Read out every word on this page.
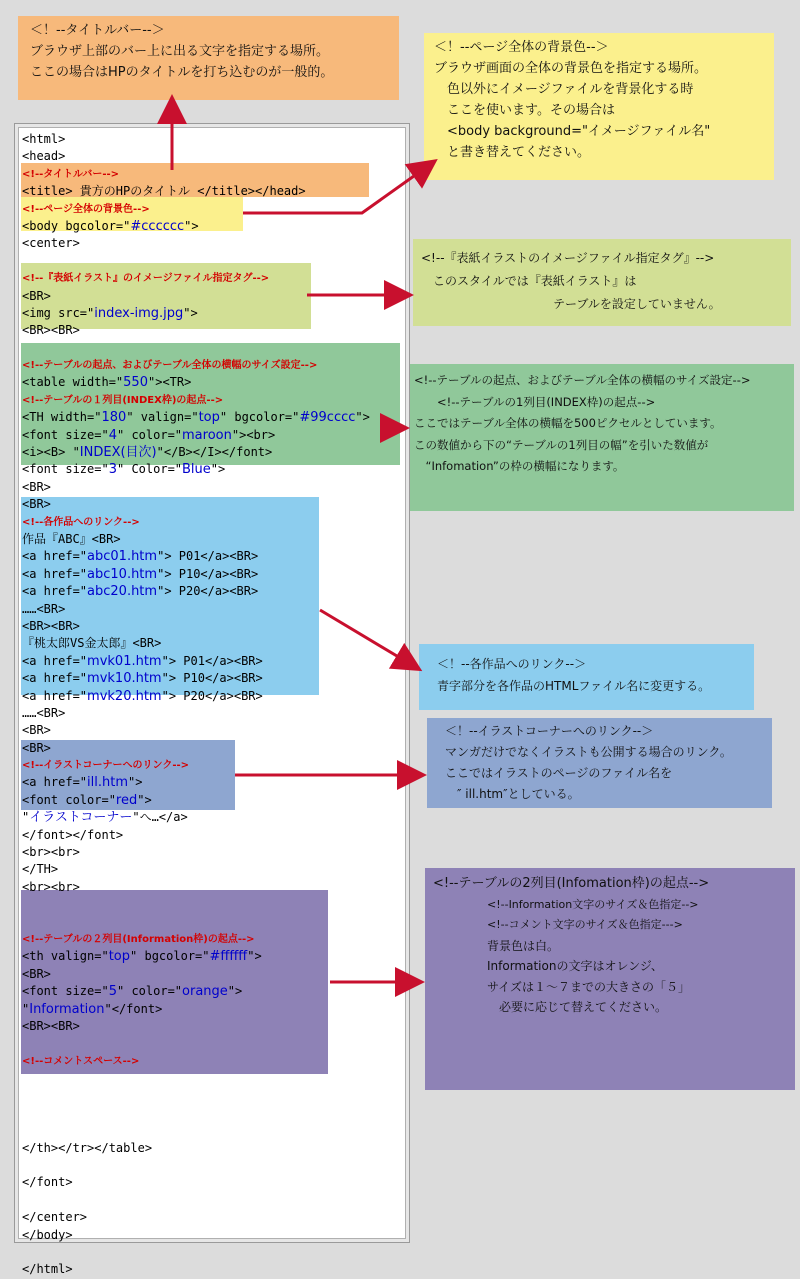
<html>
<head>
<!--タイトルバー-->
<title> 貴方のHPのタイトル </title></head>
<!--ページ全体の背景色-->
<body bgcolor="#cccccc">
<center>
<!--『表紙イラスト』のイメージファイル指定タグ-->
<BR>
<img src="index-img.jpg">
<BR><BR>
<!--テーブルの起点、およびテーブル全体の横幅のサイズ設定-->
<table width="550"><TR>
<!--テーブルの１列目(INDEX枠)の起点-->
<TH width="180" valign="top" bgcolor="#99cccc">
<font size="4" color="maroon"><br>
<i><B> "INDEX(目次)"</B></I></font>
<font size="3" Color="Blue">
<BR>
<BR>
<!--各作品へのリンク-->
作品『ABC』<BR>
<a href="abc01.htm"> P01</a><BR>
<a href="abc10.htm"> P10</a><BR>
<a href="abc20.htm"> P20</a><BR>
……<BR>
<BR><BR>
『桃太郎VS金太郎』<BR>
<a href="mvk01.htm"> P01</a><BR>
<a href="mvk10.htm"> P10</a><BR>
<a href="mvk20.htm"> P20</a><BR>
……<BR>
<BR>
<BR>
<!--イラストコーナーへのリンク-->
<a href="ill.htm">
<font color="red">
"イラストコーナー"へ…</a>
</font></font>
<br><br>
</TH>
<br><br>
<!--テーブルの２列目(Information枠)の起点-->
<th valign="top" bgcolor="#ffffff">
<BR>
<font size="5" color="orange">
"Information"</font>
<BR><BR>
<!--コメントスペース-->
</th></tr></table>
</font>
</center>
</body>
</html>
＜！--タイトルバー--＞
ブラウザ上部のバー上に出る文字を指定する場所。
ここの場合はHPのタイトルを打ち込むのが一般的。
＜！--ページ全体の背景色--＞
ブラウザ画面の全体の背景色を指定する場所。
　色以外にイメージファイルを背景化する時
　ここを使います。その場合は
　<body background="イメージファイル名"
　と書き替えてください。
<!--『表紙イラストのイメージファイル指定タグ』-->
　このスタイルでは『表紙イラスト』は
　　　　　　　　　　　テーブルを設定していません。
<!--テーブルの起点、およびテーブル全体の横幅のサイズ設定-->
　　<!--テーブルの1列目(INDEX枠)の起点-->
ここではテーブル全体の横幅を500ピクセルとしています。
この数値から下の“テーブルの1列目の幅”を引いた数値が
　“Infomation”の枠の横幅になります。
＜！--各作品へのリンク--＞
青字部分を各作品のHTMLファイル名に変更する。
＜！--イラストコーナーへのリンク--＞
マンガだけでなくイラストも公開する場合のリンク。
ここではイラストのページのファイル名を
　″ ill.htm″としている。
<!--テーブルの2列目(Infomation枠)の起点-->
<!--Information文字のサイズ＆色指定-->
<!--コメント文字のサイズ＆色指定--->
背景色は白。
Informationの文字はオレンジ、
サイズは１～７までの大きさの「５」
　必要に応じて替えてください。
